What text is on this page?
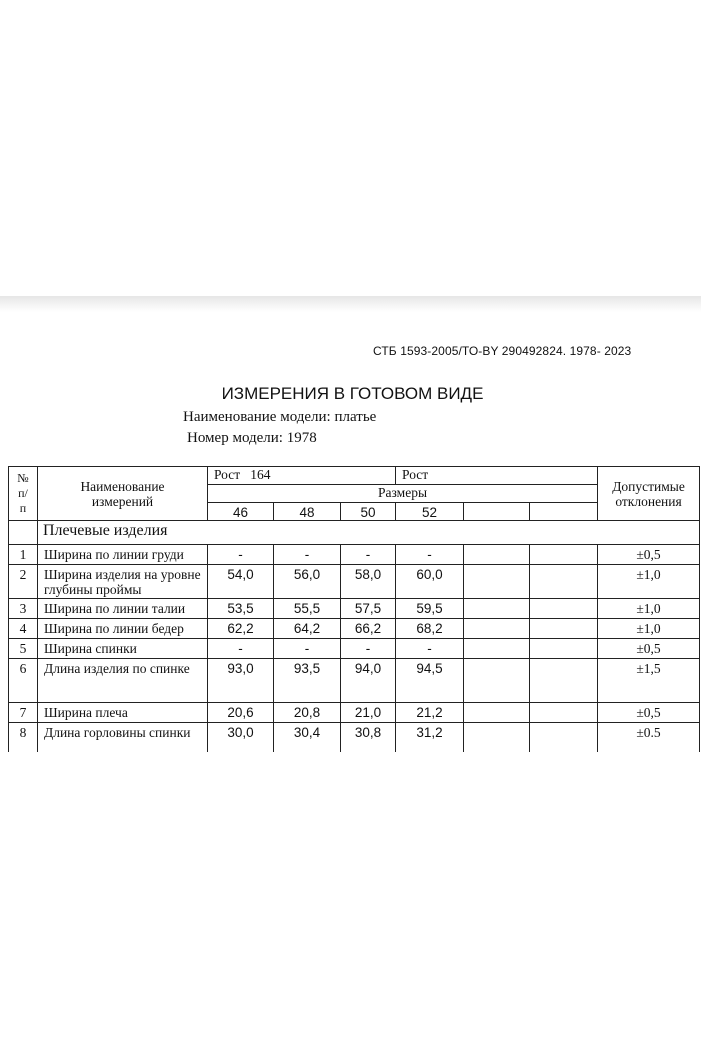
СТБ 1593-2005/ТО-BY 290492824. 1978- 2023
ИЗМЕРЕНИЯ В ГОТОВОМ ВИДЕ
Наименование модели: платье
Номер модели: 1978
№ п/ п	Наименование измерений	Рост   164			Рост			Допустимые отклонения

		Размеры						
		46	48	50	52			
	Плечевые изделия							
1	Ширина по линии груди	-	-	-	-			±0,5
2	Ширина изделия на уровне глубины проймы	54,0	56,0	58,0	60,0			±1,0
3	Ширина по линии талии	53,5	55,5	57,5	59,5			±1,0
4	Ширина по линии бедер	62,2	64,2	66,2	68,2			±1,0
5	Ширина спинки	-	-	-	-			±0,5
6	Длина изделия по спинке	93,0	93,5	94,0	94,5			±1,5
7	Ширина плеча	20,6	20,8	21,0	21,2			±0,5
8	Длина горловины спинки	30,0	30,4	30,8	31,2			±0.5
